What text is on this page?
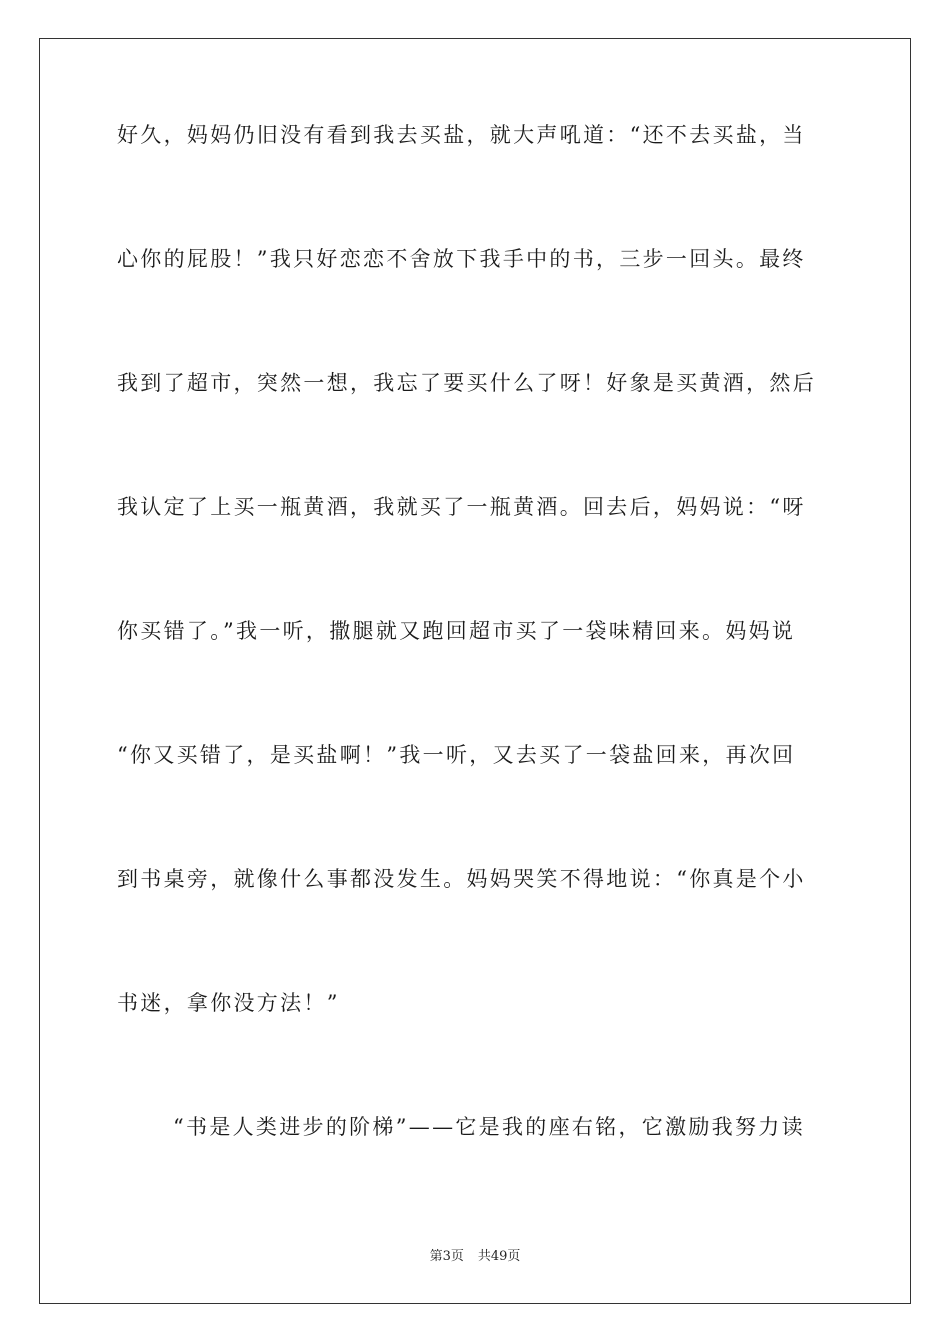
好久，妈妈仍旧没有看到我去买盐，就大声吼道：“还不去买盐，当
心你的屁股！”我只好恋恋不舍放下我手中的书，三步一回头。最终
我到了超市，突然一想，我忘了要买什么了呀！好象是买黄酒，然后
我认定了上买一瓶黄酒，我就买了一瓶黄酒。回去后，妈妈说：“呀
你买错了。”我一听，撒腿就又跑回超市买了一袋味精回来。妈妈说
“你又买错了，是买盐啊！”我一听，又去买了一袋盐回来，再次回
到书桌旁，就像什么事都没发生。妈妈哭笑不得地说：“你真是个小
书迷，拿你没方法！”
“书是人类进步的阶梯”——它是我的座右铭，它激励我努力读
第3页 共49页
